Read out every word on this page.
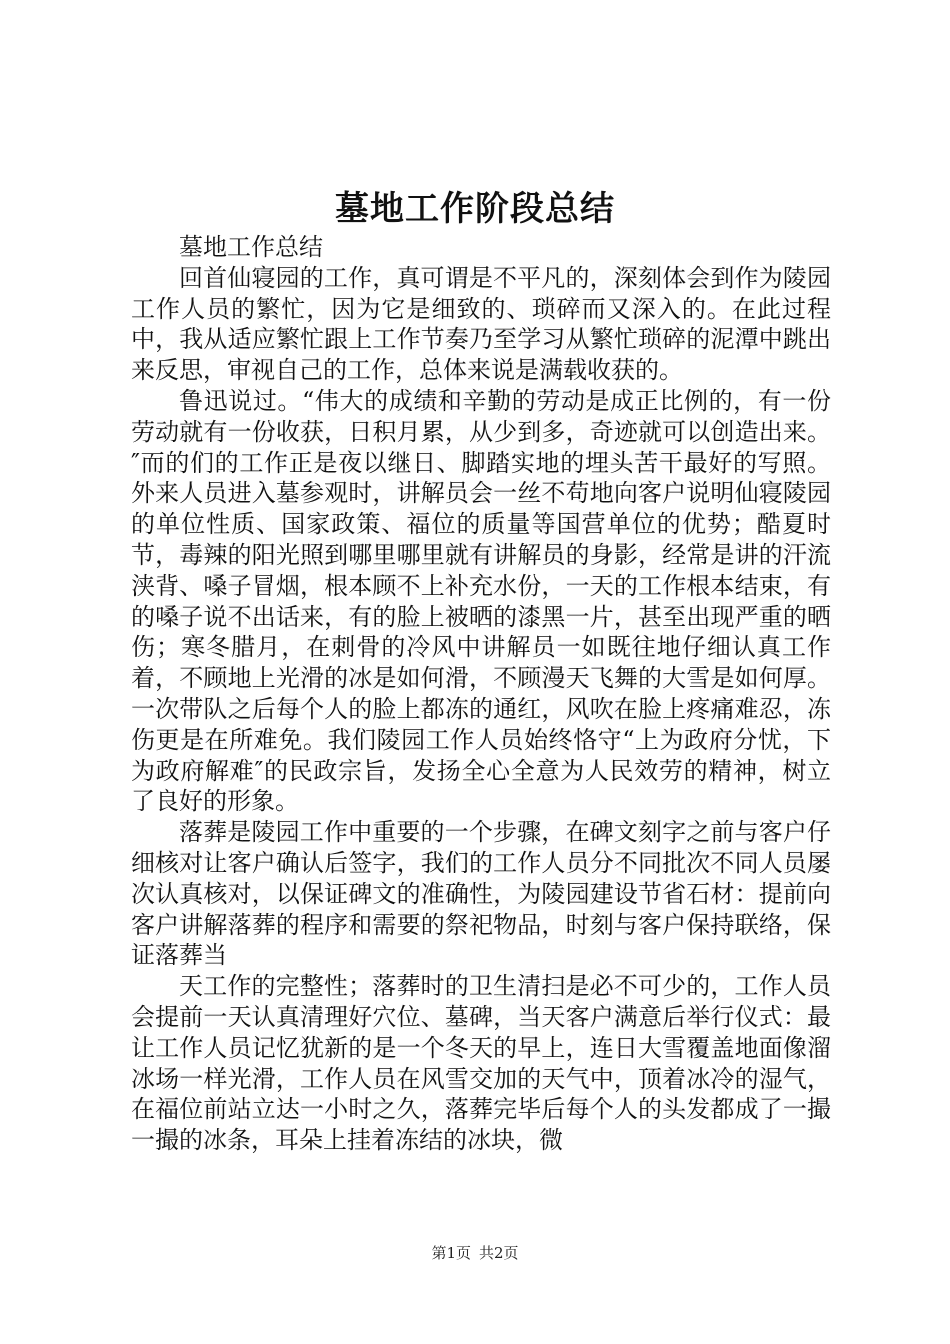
墓地工作阶段总结

墓地工作总结

回首仙寝园的工作，真可谓是不平凡的，深刻体会到作为陵园工作人员的繁忙，因为它是细致的、琐碎而又深入的。在此过程中，我从适应繁忙跟上工作节奏乃至学习从繁忙琐碎的泥潭中跳出来反思，审视自己的工作，总体来说是满载收获的。

鲁迅说过。“伟大的成绩和辛勤的劳动是成正比例的，有一份劳动就有一份收获，日积月累，从少到多，奇迹就可以创造出来。″而的们的工作正是夜以继日、脚踏实地的埋头苦干最好的写照。外来人员进入墓参观时，讲解员会一丝不苟地向客户说明仙寝陵园的单位性质、国家政策、福位的质量等国营单位的优势；酷夏时节，毒辣的阳光照到哪里哪里就有讲解员的身影，经常是讲的汗流浃背、嗓子冒烟，根本顾不上补充水份，一天的工作根本结束，有的嗓子说不出话来，有的脸上被晒的漆黑一片，甚至出现严重的晒伤；寒冬腊月，在刺骨的冷风中讲解员一如既往地仔细认真工作着，不顾地上光滑的冰是如何滑，不顾漫天飞舞的大雪是如何厚。一次带队之后每个人的脸上都冻的通红，风吹在脸上疼痛难忍，冻伤更是在所难免。我们陵园工作人员始终恪守“上为政府分忧，下为政府解难″的民政宗旨，发扬全心全意为人民效劳的精神，树立了良好的形象。

落葬是陵园工作中重要的一个步骤，在碑文刻字之前与客户仔细核对让客户确认后签字，我们的工作人员分不同批次不同人员屡次认真核对，以保证碑文的准确性，为陵园建设节省石材：提前向客户讲解落葬的程序和需要的祭祀物品，时刻与客户保持联络，保证落葬当

天工作的完整性；落葬时的卫生清扫是必不可少的，工作人员会提前一天认真清理好穴位、墓碑，当天客户满意后举行仪式：最让工作人员记忆犹新的是一个冬天的早上，连日大雪覆盖地面像溜冰场一样光滑，工作人员在风雪交加的天气中，顶着冰冷的湿气，在福位前站立达一小时之久，落葬完毕后每个人的头发都成了一撮一撮的冰条，耳朵上挂着冻结的冰块，微

第1页 共2页
